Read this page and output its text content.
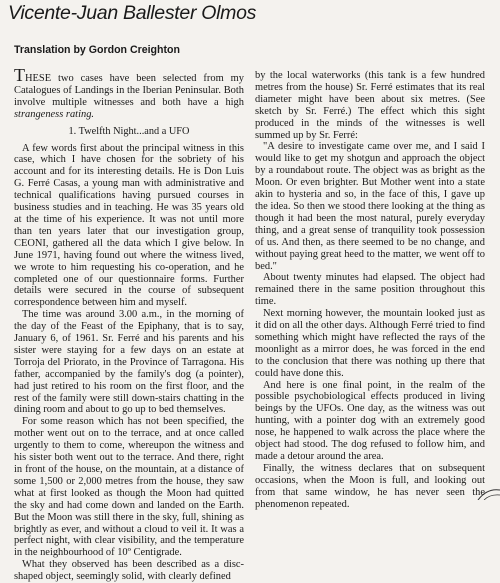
Vicente-Juan Ballester Olmos
Translation by Gordon Creighton

THESE two cases have been selected from my Catalogues of Landings in the Iberian Peninsular. Both involve multiple witnesses and both have a high strangeness rating.

1. Twelfth Night...and a UFO

A few words first about the principal witness in this case, which I have chosen for the sobriety of his account and for its interesting details. He is Don Luis G. Ferré Casas, a young man with administrative and technical qualifications having pursued courses in business studies and in teaching. He was 35 years old at the time of his experience. It was not until more than ten years later that our investigation group, CEONI, gathered all the data which I give below. In June 1971, having found out where the witness lived, we wrote to him requesting his co-operation, and he completed one of our questionnaire forms. Further details were secured in the course of subsequent correspondence between him and myself.

The time was around 3.00 a.m., in the morning of the day of the Feast of the Epiphany, that is to say, January 6, of 1961. Sr. Ferré and his parents and his sister were staying for a few days on an estate at Torroja del Priorato, in the Province of Tarragona. His father, accompanied by the family's dog (a pointer), had just retired to his room on the first floor, and the rest of the family were still down-stairs chatting in the dining room and about to go up to bed themselves.

For some reason which has not been specified, the mother went out on to the terrace, and at once called urgently to them to come, whereupon the witness and his sister both went out to the terrace. And there, right in front of the house, on the mountain, at a distance of some 1,500 or 2,000 metres from the house, they saw what at first looked as though the Moon had quitted the sky and had come down and landed on the Earth. But the Moon was still there in the sky, full, shining as brightly as ever, and without a cloud to veil it. It was a perfect night, with clear visibility, and the temperature in the neighbourhood of 10º Centigrade.

What they observed has been described as a disc-shaped object, seemingly solid, with clearly defined

by the local waterworks (this tank is a few hundred metres from the house) Sr. Ferré estimates that its real diameter might have been about six metres. (See sketch by Sr. Ferré.) The effect which this sight produced in the minds of the witnesses is well summed up by Sr. Ferré:

"A desire to investigate came over me, and I said I would like to get my shotgun and approach the object by a roundabout route. The object was as bright as the Moon. Or even brighter. But Mother went into a state akin to hysteria and so, in the face of this, I gave up the idea. So then we stood there looking at the thing as though it had been the most natural, purely everyday thing, and a great sense of tranquility took possession of us. And then, as there seemed to be no change, and without paying great heed to the matter, we went off to bed."

About twenty minutes had elapsed. The object had remained there in the same position throughout this time.

Next morning however, the mountain looked just as it did on all the other days. Although Ferré tried to find something which might have reflected the rays of the moonlight as a mirror does, he was forced in the end to the conclusion that there was nothing up there that could have done this.

And here is one final point, in the realm of the possible psychobiological effects produced in living beings by the UFOs. One day, as the witness was out hunting, with a pointer dog with an extremely good nose, he happened to walk across the place where the object had stood. The dog refused to follow him, and made a detour around the area.

Finally, the witness declares that on subsequent occasions, when the Moon is full, and looking out from that same window, he has never seen the phenomenon repeated.
